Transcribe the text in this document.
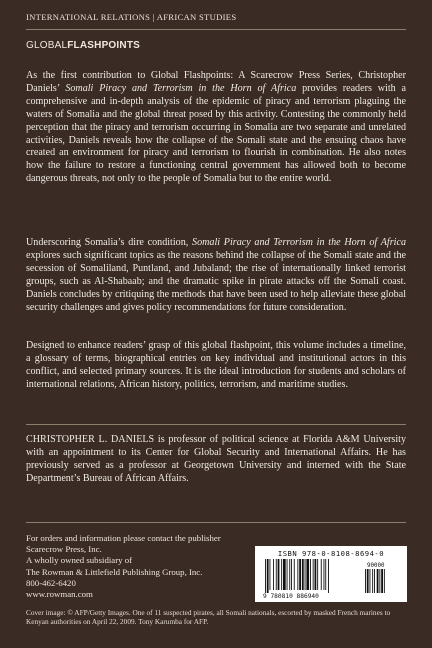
INTERNATIONAL RELATIONS | AFRICAN STUDIES
GLOBALFLASHPOINTS

As the first contribution to Global Flashpoints: A Scarecrow Press Series, Christopher Daniels’ Somali Piracy and Terrorism in the Horn of Africa provides readers with a comprehensive and in-depth analysis of the epidemic of piracy and terrorism plaguing the waters of Somalia and the global threat posed by this activity. Contesting the commonly held perception that the piracy and terrorism occurring in Somalia are two separate and unrelated activities, Daniels reveals how the collapse of the Somali state and the ensuing chaos have created an environment for piracy and terrorism to flourish in combination. He also notes how the failure to restore a functioning central government has allowed both to become dangerous threats, not only to the people of Somalia but to the entire world.

Underscoring Somalia’s dire condition, Somali Piracy and Terrorism in the Horn of Africa explores such significant topics as the reasons behind the collapse of the Somali state and the secession of Somaliland, Puntland, and Jubaland; the rise of internationally linked terrorist groups, such as Al-Shabaab; and the dramatic spike in pirate attacks off the Somali coast. Daniels concludes by critiquing the methods that have been used to help alleviate these global security challenges and gives policy recommendations for future consideration.

Designed to enhance readers’ grasp of this global flashpoint, this volume includes a timeline, a glossary of terms, biographical entries on key individual and institutional actors in this conflict, and selected primary sources. It is the ideal introduction for students and scholars of international relations, African history, politics, terrorism, and maritime studies.

CHRISTOPHER L. DANIELS is professor of political science at Florida A&M University with an appointment to its Center for Global Security and International Affairs. He has previously served as a professor at Georgetown University and interned with the State Department’s Bureau of African Affairs.

For orders and information please contact the publisher
Scarecrow Press, Inc.
A wholly owned subsidiary of
The Rowman & Littlefield Publishing Group, Inc.
800-462-6420
www.rowman.com
ISBN 978-0-8108-8694-0
9 780810 886940
90000

Cover image: © AFP/Getty Images. One of 11 suspected pirates, all Somali nationals, escorted by masked French marines to Kenyan authorities on April 22, 2009. Tony Karumba for AFP.
